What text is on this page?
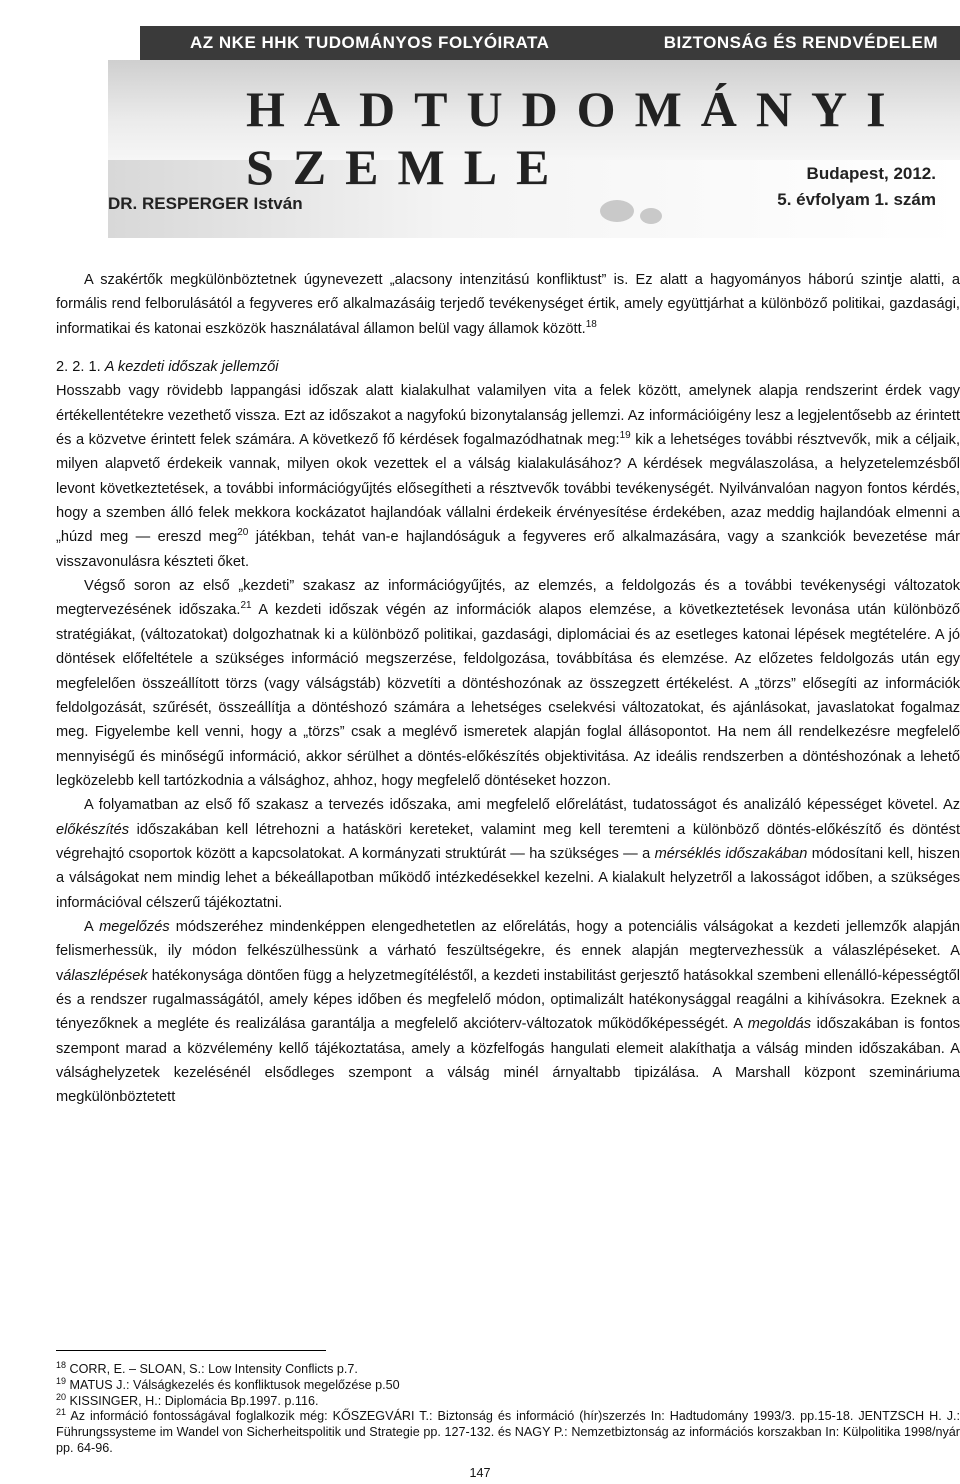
AZ NKE HHK TUDOMÁNYOS FOLYÓIRATA	BIZTONSÁG ÉS RENDVÉDELEM
HADTUDOMÁNYI SZEMLE
DR. RESPERGER István
Budapest, 2012.
5. évfolyam 1. szám

A szakértők megkülönböztetnek úgynevezett „alacsony intenzitású konfliktust” is. Ez alatt a hagyományos háború szintje alatti, a formális rend felborulásától a fegyveres erő alkalmazásáig terjedő tevékenységet értik, amely együttjárhat a különböző politikai, gazdasági, informatikai és katonai eszközök használatával államon belül vagy államok között.$^{18}$

2. 2. 1. A kezdeti időszak jellemzői

Hosszabb vagy rövidebb lappangási időszak alatt kialakulhat valamilyen vita a felek között, amelynek alapja rendszerint érdek vagy értékellentétekre vezethető vissza. Ezt az időszakot a nagyfokú bizonytalanság jellemzi. Az információigény lesz a legjelentősebb az érintett és a közvetve érintett felek számára. A következő fő kérdések fogalmazódhatnak meg:$^{19}$ kik a lehetséges további résztvevők, mik a céljaik, milyen alapvető érdekeik vannak, milyen okok vezettek el a válság kialakulásához? A kérdések megválaszolása, a helyzetelemzésből levont következtetések, a további információgyűjtés elősegítheti a résztvevők további tevékenységét. Nyilvánvalóan nagyon fontos kérdés, hogy a szemben álló felek mekkora kockázatot hajlandóak vállalni érdekeik érvényesítése érdekében, azaz meddig hajlandóak elmenni a „húzd meg — ereszd meg$^{20}$ játékban, tehát van-e hajlandóságuk a fegyveres erő alkalmazására, vagy a szankciók bevezetése már visszavonulásra készteti őket.

Végső soron az első „kezdeti” szakasz az információgyűjtés, az elemzés, a feldolgozás és a további tevékenységi változatok megtervezésének időszaka.$^{21}$ A kezdeti időszak végén az információk alapos elemzése, a következtetések levonása után különböző stratégiákat, (változatokat) dolgozhatnak ki a különböző politikai, gazdasági, diplomáciai és az esetleges katonai lépések megtételére. A jó döntések előfeltétele a szükséges információ megszerzése, feldolgozása, továbbítása és elemzése. Az előzetes feldolgozás után egy megfelelően összeállított törzs (vagy válságstáb) közvetíti a döntéshozónak az összegzett értékelést. A „törzs” elősegíti az információk feldolgozását, szűrését, összeállítja a döntéshozó számára a lehetséges cselekvési változatokat, és ajánlásokat, javaslatokat fogalmaz meg. Figyelembe kell venni, hogy a „törzs” csak a meglévő ismeretek alapján foglal állásopontot. Ha nem áll rendelkezésre megfelelő mennyiségű és minőségű információ, akkor sérülhet a döntés-előkészítés objektivitása. Az ideális rendszerben a döntéshozónak a lehető legközelebb kell tartózkodnia a válsághoz, ahhoz, hogy megfelelő döntéseket hozzon.

A folyamatban az első fő szakasz a tervezés időszaka, ami megfelelő előrelátást, tudatosságot és analizáló képességet követel. Az előkészítés időszakában kell létrehozni a hatásköri kereteket, valamint meg kell teremteni a különböző döntés-előkészítő és döntést végrehajtó csoportok között a kapcsolatokat. A kormányzati struktúrát — ha szükséges — a mérséklés időszakában módosítani kell, hiszen a válságokat nem mindig lehet a békeállapotban működő intézkedésekkel kezelni. A kialakult helyzetről a lakosságot időben, a szükséges információval célszerű tájékoztatni.

A megelőzés módszeréhez mindenképpen elengedhetetlen az előrelátás, hogy a potenciális válságokat a kezdeti jellemzők alapján felismerhessük, ily módon felkészülhessünk a várható feszültségekre, és ennek alapján megtervezhessük a válaszlépéseket. A válaszlépések hatékonysága döntően függ a helyzetmegítéléstől, a kezdeti instabilitást gerjesztő hatásokkal szembeni ellenálló-képességtől és a rendszer rugalmasságától, amely képes időben és megfelelő módon, optimalizált hatékonysággal reagálni a kihívásokra. Ezeknek a tényezőknek a megléte és realizálása garantálja a megfelelő akcióterv-változatok működőképességét. A megoldás időszakában is fontos szempont marad a közvélemény kellő tájékoztatása, amely a közfelfogás hangulati elemeit alakíthatja a válság minden időszakában. A válsághelyzetek kezelésénél elsődleges szempont a válság minél árnyaltabb tipizálása. A Marshall központ szemináriuma megkülönböztetett

$^{18}$ CORR, E. – SLOAN, S.: Low Intensity Conflicts p.7.

$^{19}$ MATUS J.: Válságkezelés és konfliktusok megelőzése p.50

$^{20}$ KISSINGER, H.: Diplomácia Bp.1997. p.116.

$^{21}$ Az információ fontosságával foglalkozik még: KŐSZEGVÁRI T.: Biztonság és információ (hír)szerzés In: Hadtudomány 1993/3. pp.15-18. JENTZSCH H. J.: Führungssysteme im Wandel von Sicherheitspolitik und Strategie pp. 127-132. és NAGY P.: Nemzetbiztonság az információs korszakban In: Külpolitika 1998/nyár pp. 64-96.

147
